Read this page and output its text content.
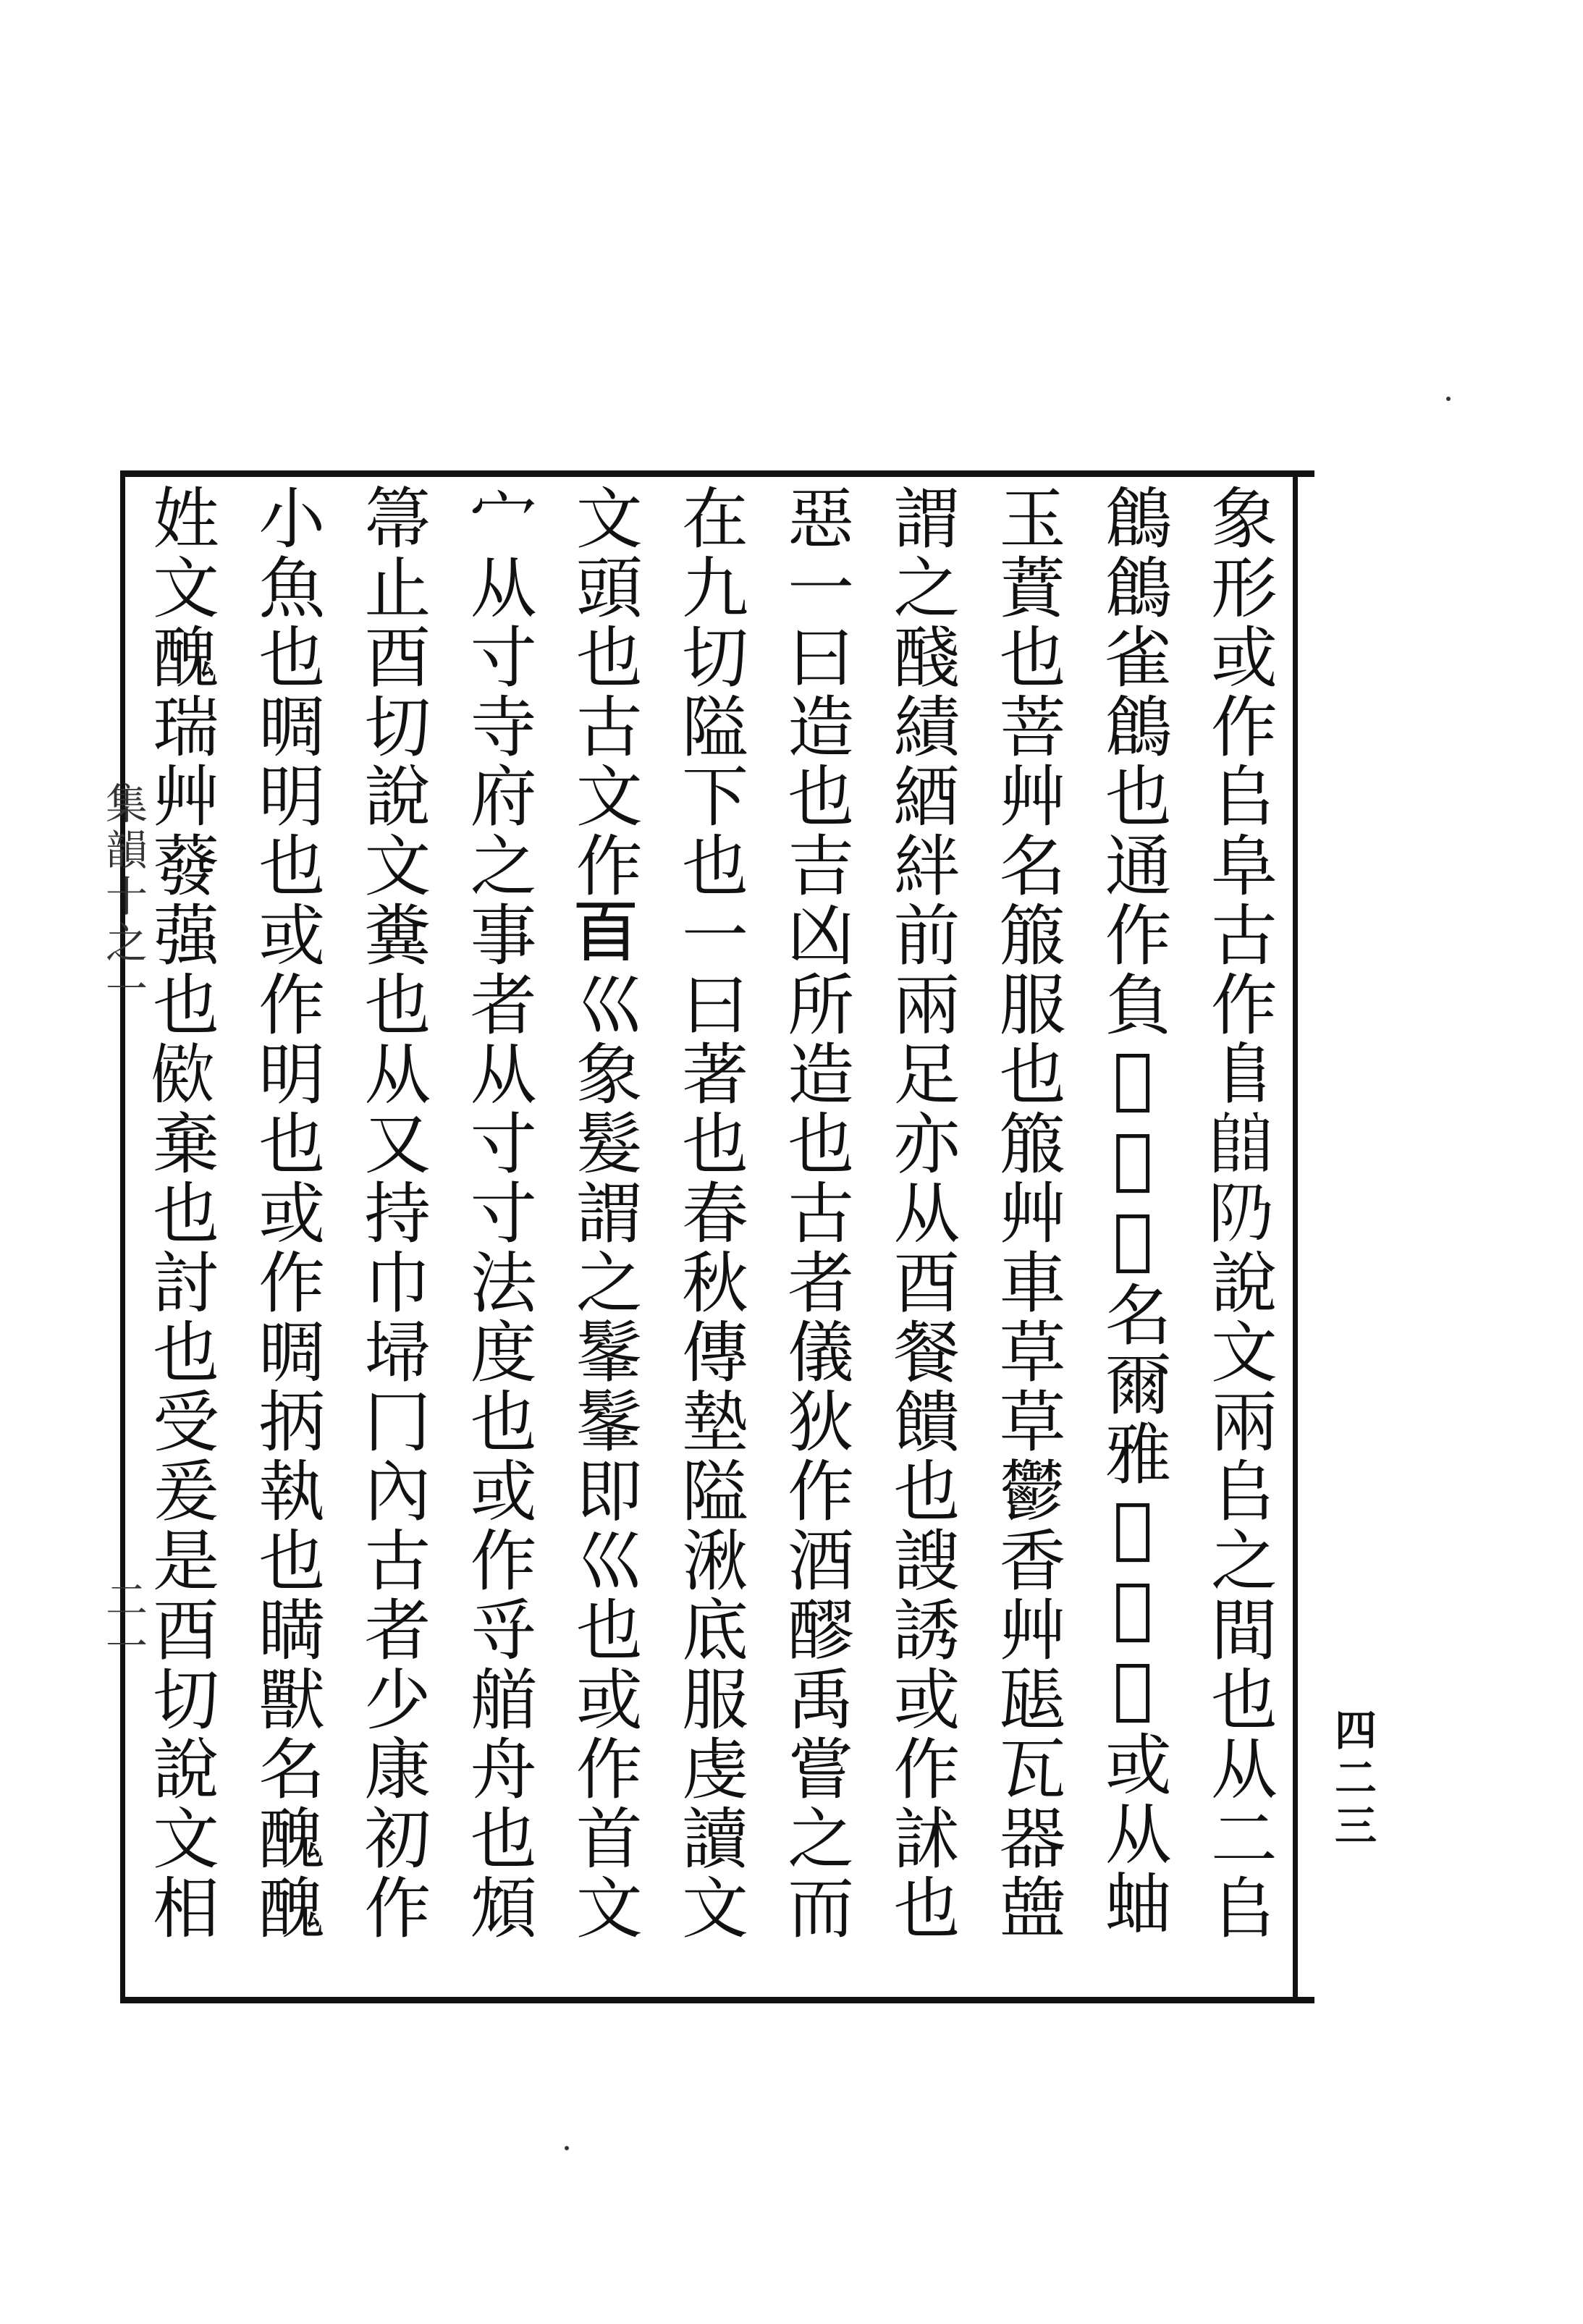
象形或作𠂤阜古作𨸏𨺅𨸐說文兩𠂤之間也从二𠂤
鶬鶬雀鶬也通作負𧓍𧕷𧕷名爾雅𧓍𧖅𧔐或从蚰
玉蕡也菩艸名箙服也箙艸車草草鬱香艸𤭖瓦器䀇
謂之醆績綇絆前兩足亦从酉餐饋也謏誘或作訹也
惡一曰造也吉凶所造也古者儀狄作酒醪禹嘗之而
在九切隘下也一曰著也春秋傳墊隘湫底服虔讀文
文頭也古文作𦣻巛象髮謂之髼髼即巛也或作首文
宀从寸寺府之事者从寸寸法度也或作寽艏舟也䪴
箒止酉切說文糞也从又持巾埽冂內古者少康初作
小魚也晭明也或作明也或作晭抦執也𥈞獸名醜醜
姓文醜瑞艸蕟蔃也𣣠棄也討也受爰是酉切說文相
四二三
集韻十之一
二一
